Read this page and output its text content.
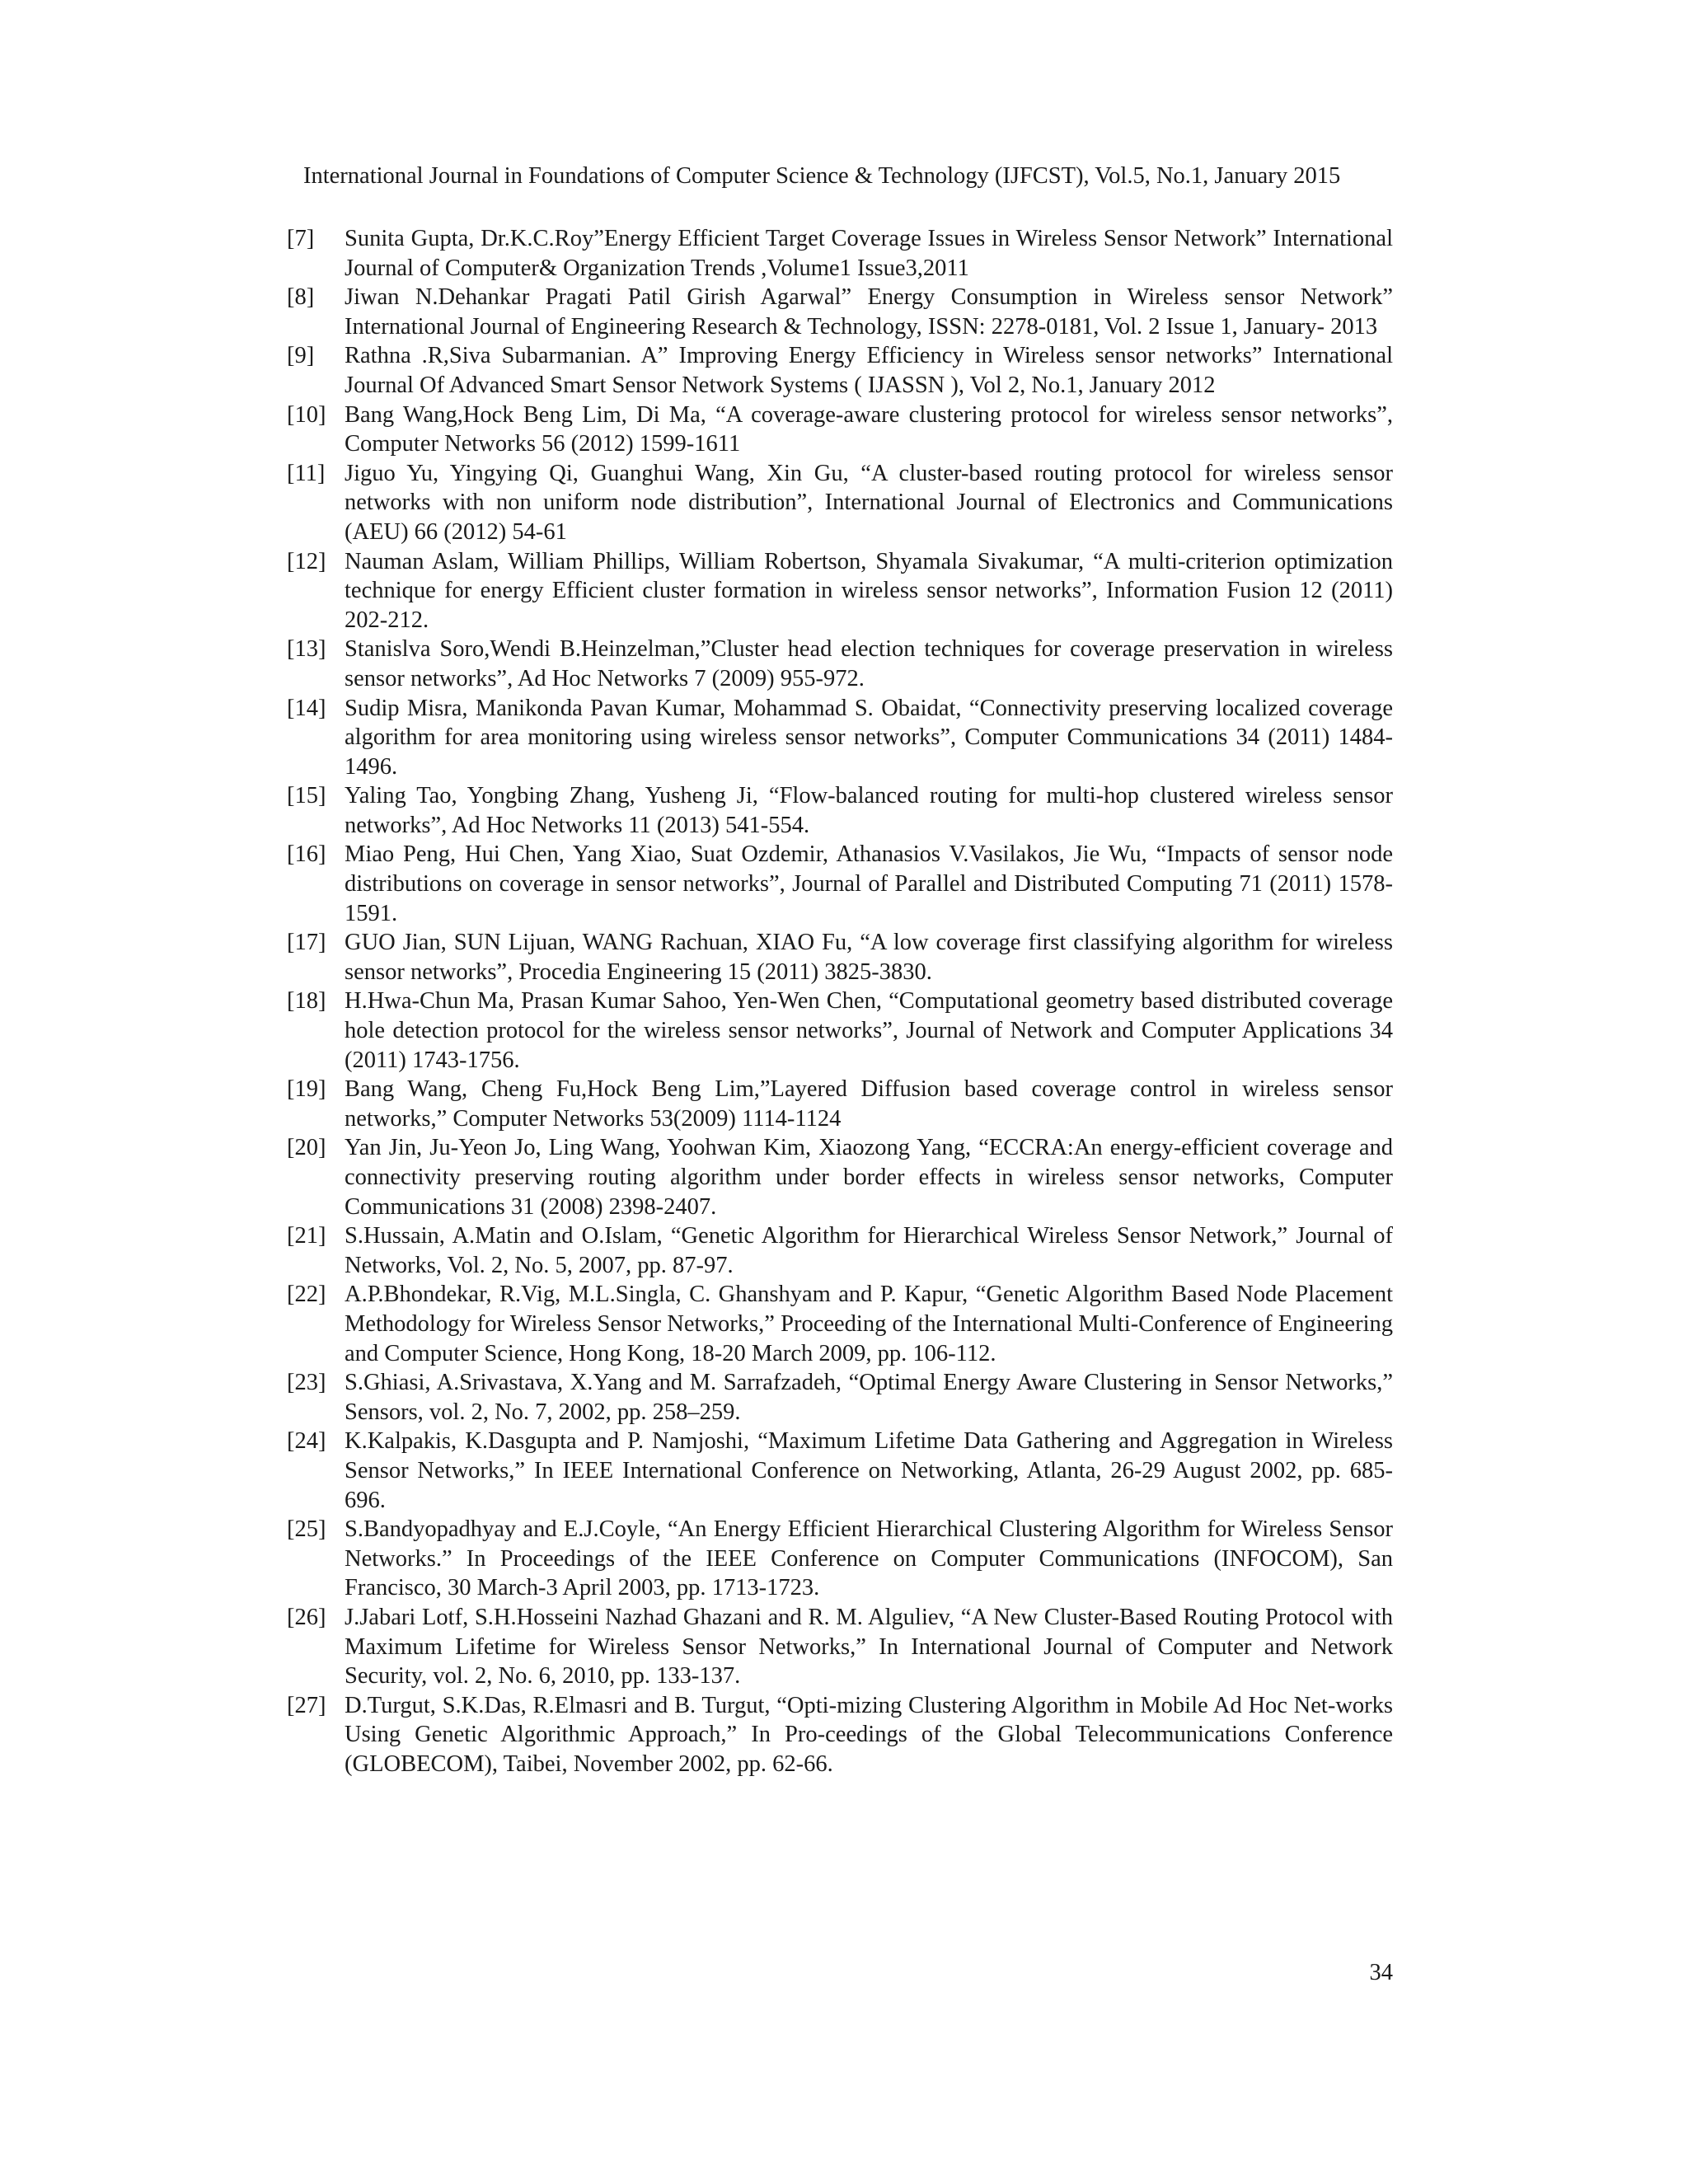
International Journal in Foundations of Computer Science & Technology (IJFCST), Vol.5, No.1, January 2015
[7]	Sunita Gupta, Dr.K.C.Roy”Energy Efficient Target Coverage Issues in Wireless Sensor Network” International Journal of Computer& Organization Trends ,Volume1 Issue3,2011
[8]	Jiwan N.Dehankar Pragati Patil Girish Agarwal” Energy Consumption in Wireless sensor Network” International Journal of Engineering Research & Technology, ISSN: 2278-0181, Vol. 2 Issue 1, January- 2013
[9]	Rathna .R,Siva Subarmanian. A” Improving Energy Efficiency in Wireless sensor networks” International Journal Of Advanced Smart Sensor Network Systems ( IJASSN ), Vol 2, No.1, January 2012
[10] Bang Wang,Hock Beng Lim, Di Ma, “A coverage-aware clustering protocol for wireless sensor networks”, Computer Networks 56 (2012) 1599-1611
[11] Jiguo Yu, Yingying Qi, Guanghui Wang, Xin Gu, “A cluster-based routing protocol for wireless sensor networks with non uniform node distribution”, International Journal of Electronics and Communications (AEU) 66 (2012) 54-61
[12] Nauman Aslam, William Phillips, William Robertson, Shyamala Sivakumar, “A multi-criterion optimization technique for energy Efficient cluster formation in wireless sensor networks”, Information Fusion 12 (2011) 202-212.
[13] Stanislva Soro,Wendi B.Heinzelman,”Cluster head election techniques for coverage preservation in wireless sensor networks”, Ad Hoc Networks 7 (2009) 955-972.
[14] Sudip Misra, Manikonda Pavan Kumar, Mohammad S. Obaidat, “Connectivity preserving localized coverage algorithm for area monitoring using wireless sensor networks”, Computer Communications 34 (2011) 1484-1496.
[15] Yaling Tao, Yongbing Zhang, Yusheng Ji, “Flow-balanced routing for multi-hop clustered wireless sensor networks”, Ad Hoc Networks 11 (2013) 541-554.
[16] Miao Peng, Hui Chen, Yang Xiao, Suat Ozdemir, Athanasios V.Vasilakos, Jie Wu, “Impacts of sensor node distributions on coverage in sensor networks”, Journal of Parallel and Distributed Computing 71 (2011) 1578-1591.
[17] GUO Jian, SUN Lijuan, WANG Rachuan, XIAO Fu, “A low coverage first classifying algorithm for wireless sensor networks”, Procedia Engineering 15 (2011) 3825-3830.
[18] H.Hwa-Chun Ma, Prasan Kumar Sahoo, Yen-Wen Chen, “Computational geometry based distributed coverage hole detection protocol for the wireless sensor networks”, Journal of Network and Computer Applications 34 (2011) 1743-1756.
[19] Bang Wang, Cheng Fu,Hock Beng Lim,”Layered Diffusion based coverage control in wireless sensor networks,” Computer Networks 53(2009) 1114-1124
[20] Yan Jin, Ju-Yeon Jo, Ling Wang, Yoohwan Kim, Xiaozong Yang, “ECCRA:An energy-efficient coverage and connectivity preserving routing algorithm under border effects in wireless sensor networks, Computer Communications 31 (2008) 2398-2407.
[21] S.Hussain, A.Matin and O.Islam, “Genetic Algorithm for Hierarchical Wireless Sensor Network,” Journal of Networks, Vol. 2, No. 5, 2007, pp. 87-97.
[22] A.P.Bhondekar, R.Vig, M.L.Singla, C. Ghanshyam and P. Kapur, “Genetic Algorithm Based Node Placement Methodology for Wireless Sensor Networks,” Proceeding of the International Multi-Conference of Engineering and Computer Science, Hong Kong, 18-20 March 2009, pp. 106-112.
[23] S.Ghiasi, A.Srivastava, X.Yang and M. Sarrafzadeh, “Optimal Energy Aware Clustering in Sensor Networks,” Sensors, vol. 2, No. 7, 2002, pp. 258–259.
[24] K.Kalpakis, K.Dasgupta and P. Namjoshi, “Maximum Lifetime Data Gathering and Aggregation in Wireless Sensor Networks,” In IEEE International Conference on Networking, Atlanta, 26-29 August 2002, pp. 685-696.
[25] S.Bandyopadhyay and E.J.Coyle, “An Energy Efficient Hierarchical Clustering Algorithm for Wireless Sensor Networks.” In Proceedings of the IEEE Conference on Computer Communications (INFOCOM), San Francisco, 30 March-3 April 2003, pp. 1713-1723.
[26] J.Jabari Lotf, S.H.Hosseini Nazhad Ghazani and R. M. Alguliev, “A New Cluster-Based Routing Protocol with Maximum Lifetime for Wireless Sensor Networks,” In International Journal of Computer and Network Security, vol. 2, No. 6, 2010, pp. 133-137.
[27] D.Turgut, S.K.Das, R.Elmasri and B. Turgut, “Opti-mizing Clustering Algorithm in Mobile Ad Hoc Net-works Using Genetic Algorithmic Approach,” In Pro-ceedings of the Global Telecommunications Conference (GLOBECOM), Taibei, November 2002, pp. 62-66.
34
